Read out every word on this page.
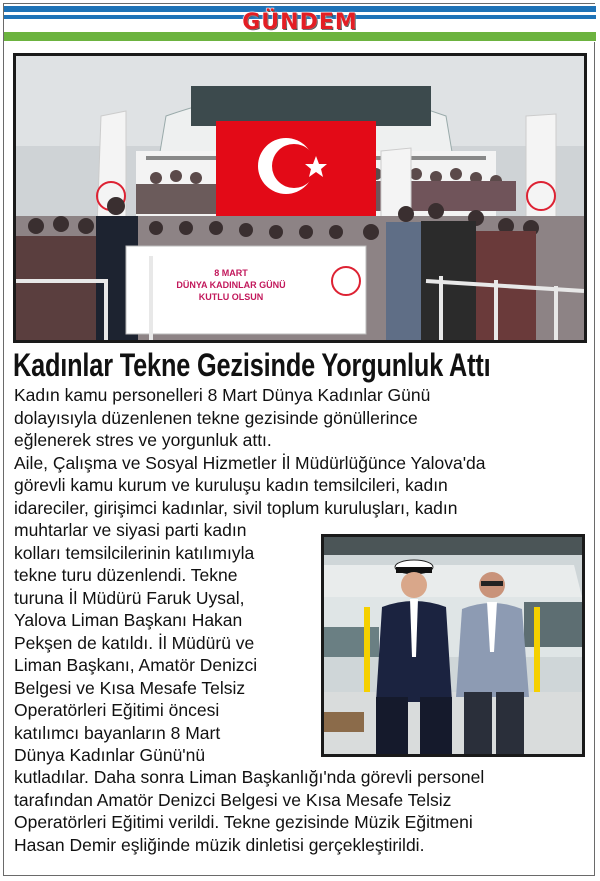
GÜNDEM
8 MART
DÜNYA KADINLAR GÜNÜ
KUTLU OLSUN
Kadınlar Tekne Gezisinde Yorgunluk Attı
Kadın kamu personelleri 8 Mart Dünya Kadınlar Günü
dolayısıyla düzenlenen tekne gezisinde gönüllerince
eğlenerek stres ve yorgunluk attı.
Aile, Çalışma ve Sosyal Hizmetler İl Müdürlüğünce Yalova'da
görevli kamu kurum ve kuruluşu kadın temsilcileri, kadın
idareciler, girişimci kadınlar, sivil toplum kuruluşları, kadın
muhtarlar ve siyasi parti kadın
kolları temsilcilerinin katılımıyla
tekne turu düzenlendi. Tekne
turuna İl Müdürü Faruk Uysal,
Yalova Liman Başkanı Hakan
Pekşen de katıldı. İl Müdürü ve
Liman Başkanı, Amatör Denizci
Belgesi ve Kısa Mesafe Telsiz
Operatörleri Eğitimi öncesi
katılımcı bayanların 8 Mart
Dünya Kadınlar Günü'nü
kutladılar. Daha sonra Liman Başkanlığı'nda görevli personel
tarafından Amatör Denizci Belgesi ve Kısa Mesafe Telsiz
Operatörleri Eğitimi verildi. Tekne gezisinde Müzik Eğitmeni
Hasan Demir eşliğinde müzik dinletisi gerçekleştirildi.
